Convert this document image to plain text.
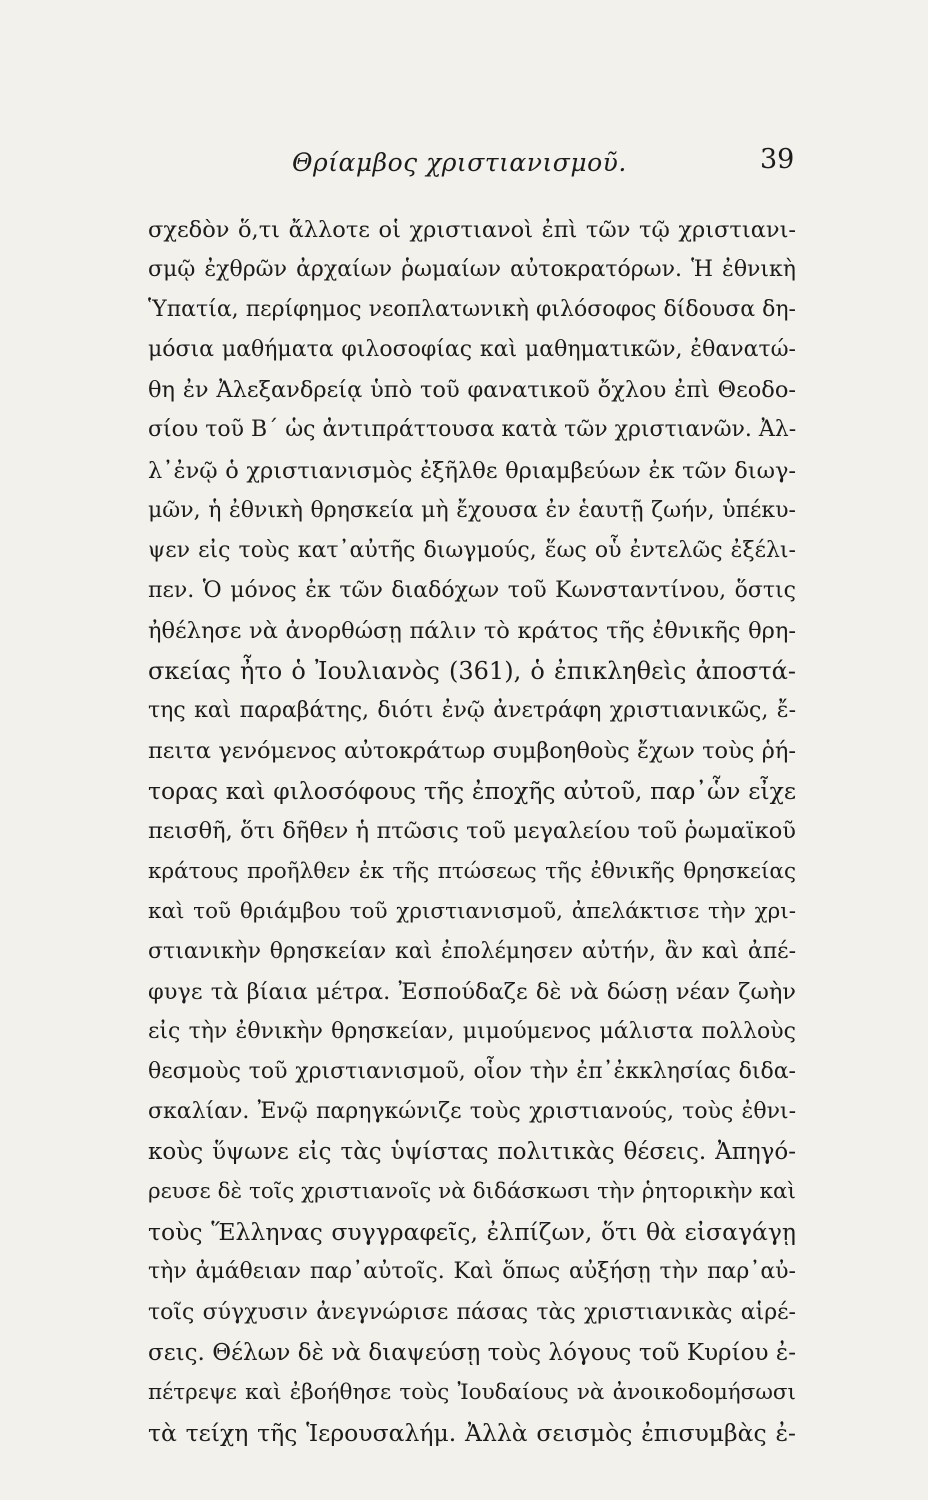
Θρίαμβος χριστιανισμοῦ.	39
σχεδὸν ὅ,τι ἄλλοτε οἱ χριστιανοὶ ἐπὶ τῶν τῷ χριστιανι-
σμῷ ἐχθρῶν ἀρχαίων ῥωμαίων αὐτοκρατόρων. Ἡ ἐθνικὴ
Ὑπατία, περίφημος νεοπλατωνικὴ φιλόσοφος δίδουσα δη-
μόσια μαθήματα φιλοσοφίας καὶ μαθηματικῶν, ἐθανατώ-
θη ἐν Ἀλεξανδρείᾳ ὑπὸ τοῦ φανατικοῦ ὄχλου ἐπὶ Θεοδο-
σίου τοῦ Β΄ ὡς ἀντιπράττουσα κατὰ τῶν χριστιανῶν. Ἀλ-
λ᾽ἐνῷ ὁ χριστιανισμὸς ἐξῆλθε θριαμβεύων ἐκ τῶν διωγ-
μῶν, ἡ ἐθνικὴ θρησκεία μὴ ἔχουσα ἐν ἑαυτῇ ζωήν, ὑπέκυ-
ψεν εἰς τοὺς κατ᾽αὐτῆς διωγμούς, ἕως οὗ ἐντελῶς ἐξέλι-
πεν. Ὁ μόνος ἐκ τῶν διαδόχων τοῦ Κωνσταντίνου, ὅστις
ἠθέλησε νὰ ἀνορθώσῃ πάλιν τὸ κράτος τῆς ἐθνικῆς θρη-
σκείας ἦτο ὁ Ἰουλιανὸς (361), ὁ ἐπικληθεὶς ἀποστά-
της καὶ παραβάτης, διότι ἐνῷ ἀνετράφη χριστιανικῶς, ἔ-
πειτα γενόμενος αὐτοκράτωρ συμβοηθοὺς ἔχων τοὺς ῥή-
τορας καὶ φιλοσόφους τῆς ἐποχῆς αὐτοῦ, παρ᾽ὧν εἶχε
πεισθῆ, ὅτι δῆθεν ἡ πτῶσις τοῦ μεγαλείου τοῦ ῥωμαϊκοῦ
κράτους προῆλθεν ἐκ τῆς πτώσεως τῆς ἐθνικῆς θρησκείας
καὶ τοῦ θριάμβου τοῦ χριστιανισμοῦ, ἀπελάκτισε τὴν χρι-
στιανικὴν θρησκείαν καὶ ἐπολέμησεν αὐτήν, ἂν καὶ ἀπέ-
φυγε τὰ βίαια μέτρα. Ἐσπούδαζε δὲ νὰ δώσῃ νέαν ζωὴν
εἰς τὴν ἐθνικὴν θρησκείαν, μιμούμενος μάλιστα πολλοὺς
θεσμοὺς τοῦ χριστιανισμοῦ, οἷον τὴν ἐπ᾽ἐκκλησίας διδα-
σκαλίαν. Ἐνῷ παρηγκώνιζε τοὺς χριστιανούς, τοὺς ἐθνι-
κοὺς ὕψωνε εἰς τὰς ὑψίστας πολιτικὰς θέσεις. Ἀπηγό-
ρευσε δὲ τοῖς χριστιανοῖς νὰ διδάσκωσι τὴν ῥητορικὴν καὶ
τοὺς Ἕλληνας συγγραφεῖς, ἐλπίζων, ὅτι θὰ εἰσαγάγῃ
τὴν ἀμάθειαν παρ᾽αὐτοῖς. Καὶ ὅπως αὐξήσῃ τὴν παρ᾽αὐ-
τοῖς σύγχυσιν ἀνεγνώρισε πάσας τὰς χριστιανικὰς αἱρέ-
σεις. Θέλων δὲ νὰ διαψεύσῃ τοὺς λόγους τοῦ Κυρίου ἐ-
πέτρεψε καὶ ἐβοήθησε τοὺς Ἰουδαίους νὰ ἀνοικοδομήσωσι
τὰ τείχη τῆς Ἱερουσαλήμ. Ἀλλὰ σεισμὸς ἐπισυμβὰς ἐ-
